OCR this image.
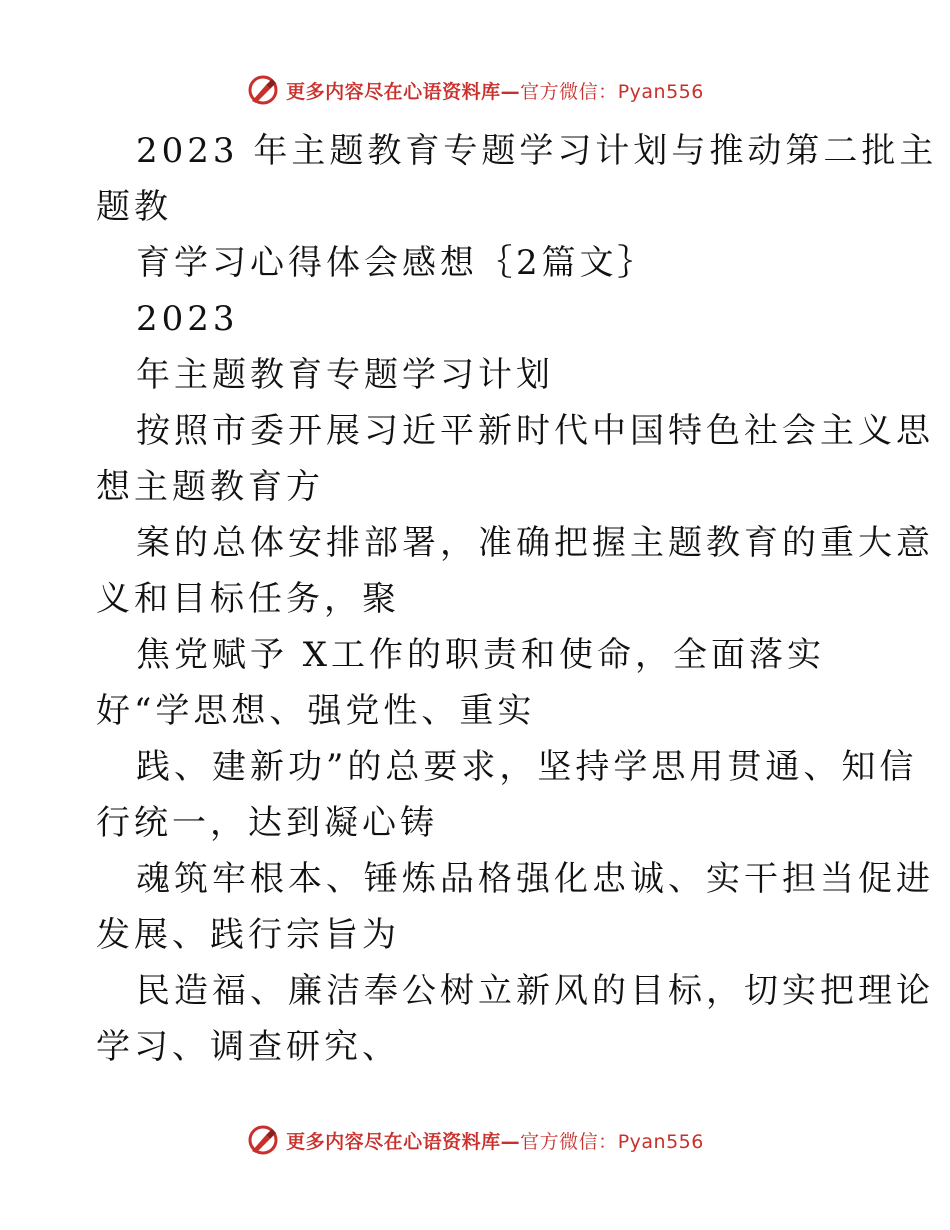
更多内容尽在心语资料库—官方微信：Pyan556
2023 年主题教育专题学习计划与推动第二批主
题教
育学习心得体会感想｛2篇文｝
2023
年主题教育专题学习计划
按照市委开展习近平新时代中国特色社会主义思
想主题教育方
案的总体安排部署，准确把握主题教育的重大意
义和目标任务，聚
焦党赋予 X工作的职责和使命，全面落实
好“学思想、强党性、重实
践、建新功”的总要求，坚持学思用贯通、知信
行统一，达到凝心铸
魂筑牢根本、锤炼品格强化忠诚、实干担当促进
发展、践行宗旨为
民造福、廉洁奉公树立新风的目标，切实把理论
学习、调查研究、
更多内容尽在心语资料库—官方微信：Pyan556
